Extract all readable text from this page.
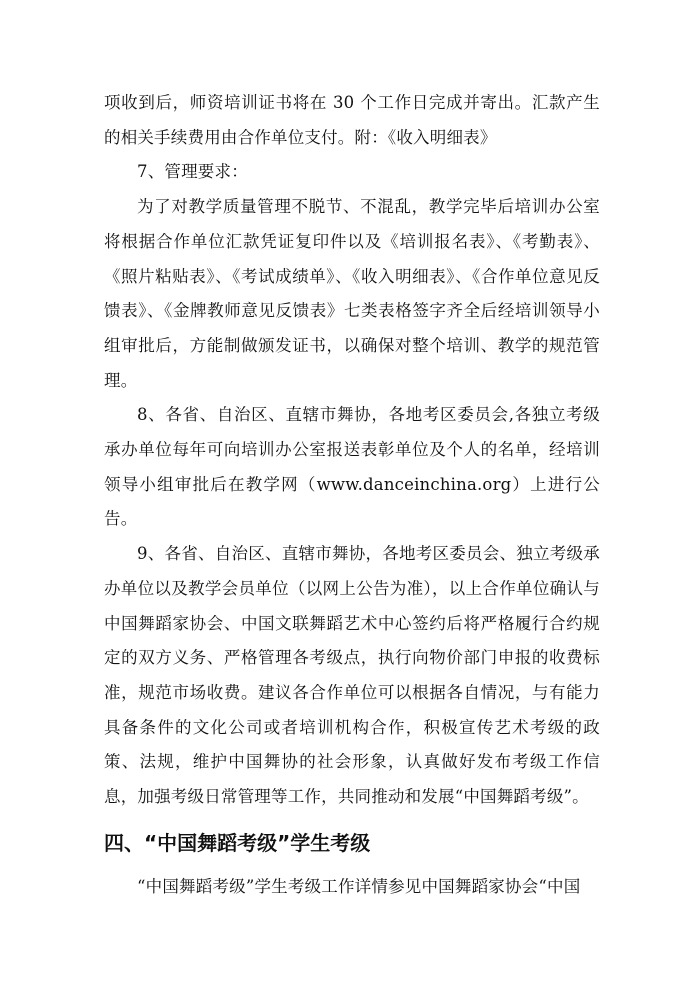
项收到后，师资培训证书将在 30 个工作日完成并寄出。汇款产生的相关手续费用由合作单位支付。附：《收入明细表》

7、管理要求：

为了对教学质量管理不脱节、不混乱，教学完毕后培训办公室将根据合作单位汇款凭证复印件以及《培训报名表》、《考勤表》、《照片粘贴表》、《考试成绩单》、《收入明细表》、《合作单位意见反馈表》、《金牌教师意见反馈表》七类表格签字齐全后经培训领导小组审批后，方能制做颁发证书，以确保对整个培训、教学的规范管理。

8、各省、自治区、直辖市舞协，各地考区委员会,各独立考级承办单位每年可向培训办公室报送表彰单位及个人的名单，经培训领导小组审批后在教学网（www.danceinchina.org）上进行公告。

9、各省、自治区、直辖市舞协，各地考区委员会、独立考级承办单位以及教学会员单位（以网上公告为准），以上合作单位确认与中国舞蹈家协会、中国文联舞蹈艺术中心签约后将严格履行合约规定的双方义务、严格管理各考级点，执行向物价部门申报的收费标准，规范市场收费。建议各合作单位可以根据各自情况，与有能力具备条件的文化公司或者培训机构合作，积极宣传艺术考级的政策、法规，维护中国舞协的社会形象，认真做好发布考级工作信息，加强考级日常管理等工作，共同推动和发展“中国舞蹈考级”。

四、“中国舞蹈考级”学生考级
“中国舞蹈考级”学生考级工作详情参见中国舞蹈家协会“中国
